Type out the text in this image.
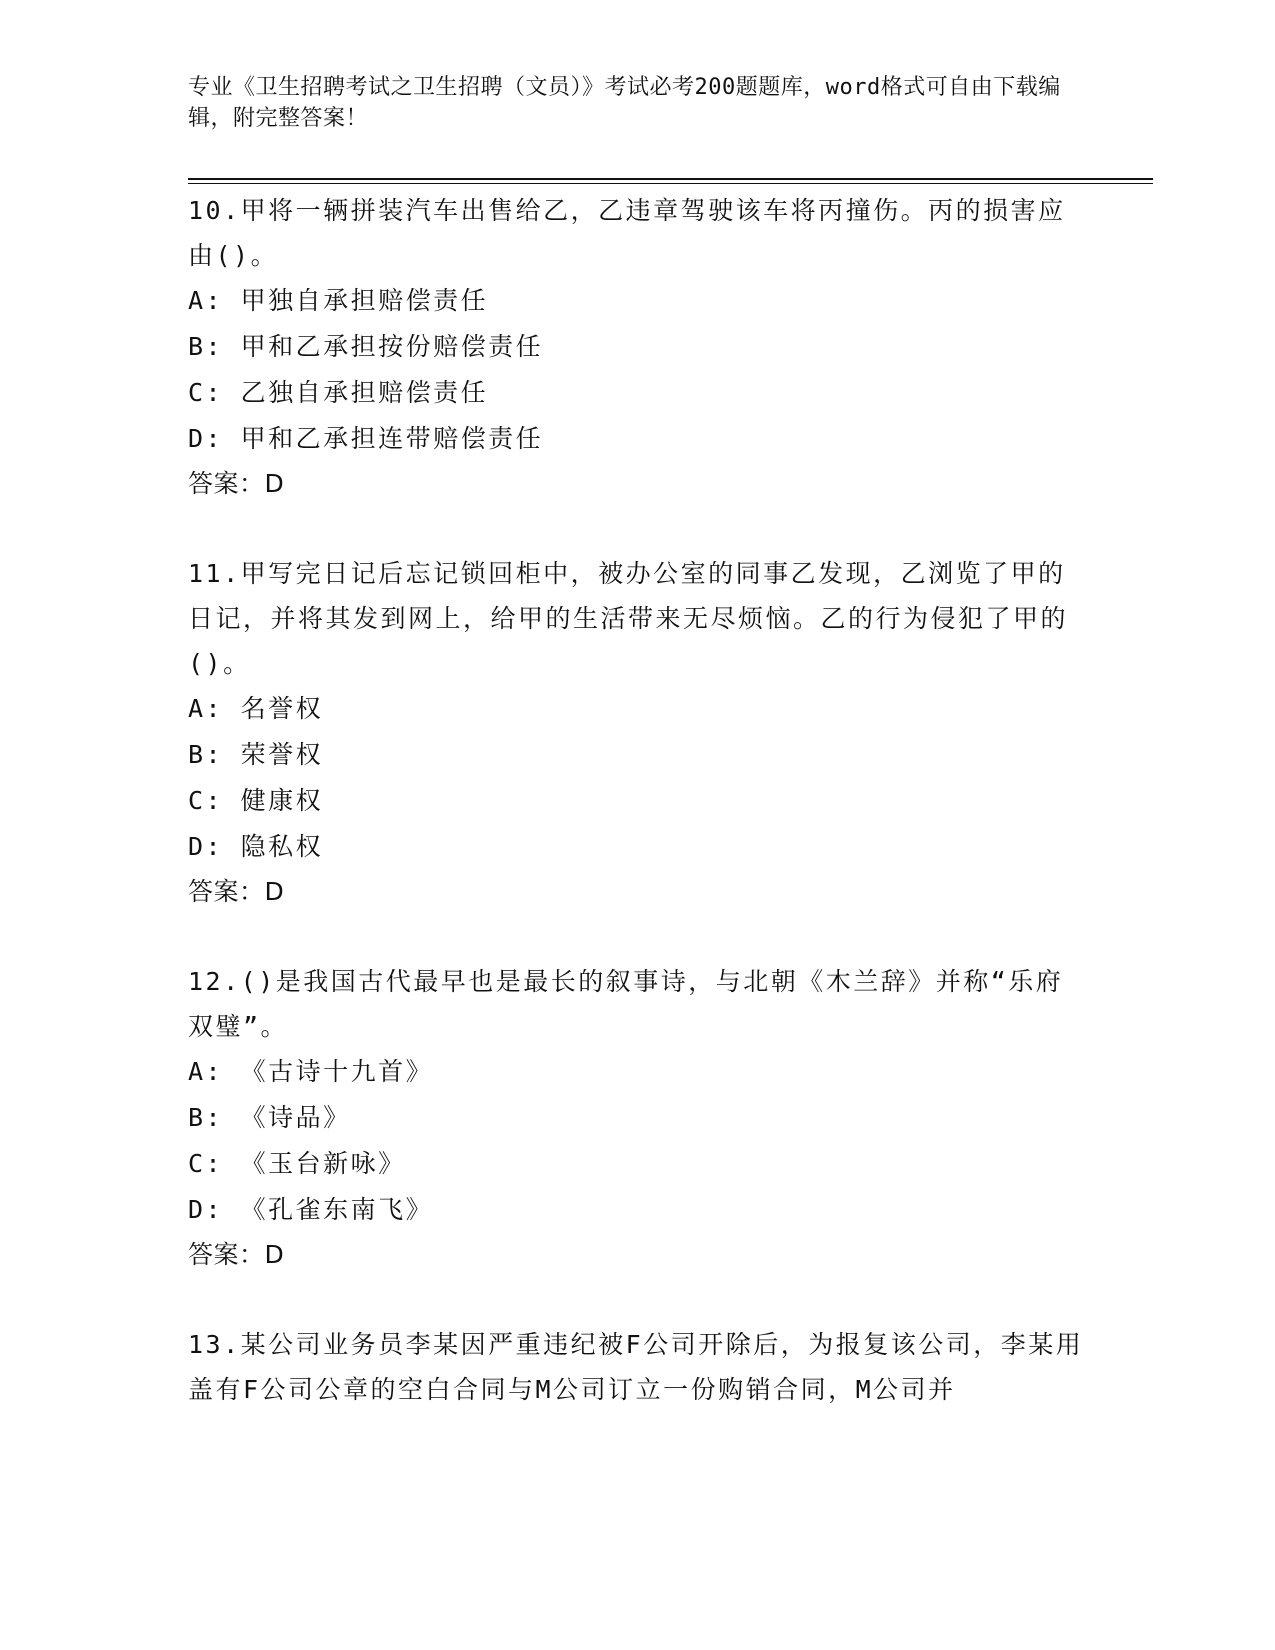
专业《卫生招聘考试之卫生招聘（文员）》考试必考200题题库，word格式可自由下载编辑，附完整答案！
10.甲将一辆拼装汽车出售给乙，乙违章驾驶该车将丙撞伤。丙的损害应由()。
A: 甲独自承担赔偿责任
B: 甲和乙承担按份赔偿责任
C: 乙独自承担赔偿责任
D: 甲和乙承担连带赔偿责任
答案：D
11.甲写完日记后忘记锁回柜中，被办公室的同事乙发现，乙浏览了甲的日记，并将其发到网上，给甲的生活带来无尽烦恼。乙的行为侵犯了甲的()。
A: 名誉权
B: 荣誉权
C: 健康权
D: 隐私权
答案：D
12.()是我国古代最早也是最长的叙事诗，与北朝《木兰辞》并称“乐府双璧”。
A: 《古诗十九首》
B: 《诗品》
C: 《玉台新咏》
D: 《孔雀东南飞》
答案：D
13.某公司业务员李某因严重违纪被F公司开除后，为报复该公司，李某用盖有F公司公章的空白合同与M公司订立一份购销合同，M公司并
